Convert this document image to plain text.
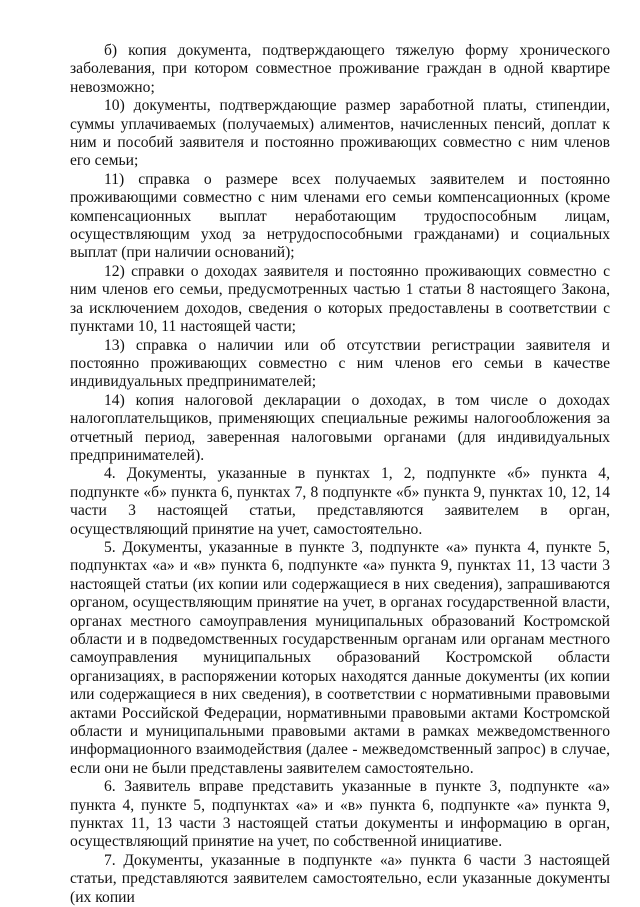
б) копия документа, подтверждающего тяжелую форму хронического заболевания, при котором совместное проживание граждан в одной квартире невозможно;

10) документы, подтверждающие размер заработной платы, стипендии, суммы уплачиваемых (получаемых) алиментов, начисленных пенсий, доплат к ним и пособий заявителя и постоянно проживающих совместно с ним членов его семьи;

11) справка о размере всех получаемых заявителем и постоянно проживающими совместно с ним членами его семьи компенсационных (кроме компенсационных выплат неработающим трудоспособным лицам, осуществляющим уход за нетрудоспособными гражданами) и социальных выплат (при наличии оснований);

12) справки о доходах заявителя и постоянно проживающих совместно с ним членов его семьи, предусмотренных частью 1 статьи 8 настоящего Закона, за исключением доходов, сведения о которых предоставлены в соответствии с пунктами 10, 11 настоящей части;

13) справка о наличии или об отсутствии регистрации заявителя и постоянно проживающих совместно с ним членов его семьи в качестве индивидуальных предпринимателей;

14) копия налоговой декларации о доходах, в том числе о доходах налогоплательщиков, применяющих специальные режимы налогообложения за отчетный период, заверенная налоговыми органами (для индивидуальных предпринимателей).

4. Документы, указанные в пунктах 1, 2, подпункте «б» пункта 4, подпункте «б» пункта 6, пунктах 7, 8 подпункте «б» пункта 9, пунктах 10, 12, 14 части 3 настоящей статьи, представляются заявителем в орган, осуществляющий принятие на учет, самостоятельно.

5. Документы, указанные в пункте 3, подпункте «а» пункта 4, пункте 5, подпунктах «а» и «в» пункта 6, подпункте «а» пункта 9, пунктах 11, 13 части 3 настоящей статьи (их копии или содержащиеся в них сведения), запрашиваются органом, осуществляющим принятие на учет, в органах государственной власти, органах местного самоуправления муниципальных образований Костромской области и в подведомственных государственным органам или органам местного самоуправления муниципальных образований Костромской области организациях, в распоряжении которых находятся данные документы (их копии или содержащиеся в них сведения), в соответствии с нормативными правовыми актами Российской Федерации, нормативными правовыми актами Костромской области и муниципальными правовыми актами в рамках межведомственного информационного взаимодействия (далее - межведомственный запрос) в случае, если они не были представлены заявителем самостоятельно.

6. Заявитель вправе представить указанные в пункте 3, подпункте «а» пункта 4, пункте 5, подпунктах «а» и «в» пункта 6, подпункте «а» пункта 9, пунктах 11, 13 части 3 настоящей статьи документы и информацию в орган, осуществляющий принятие на учет, по собственной инициативе.

7. Документы, указанные в подпункте «а» пункта 6 части 3 настоящей статьи, представляются заявителем самостоятельно, если указанные документы (их копии
